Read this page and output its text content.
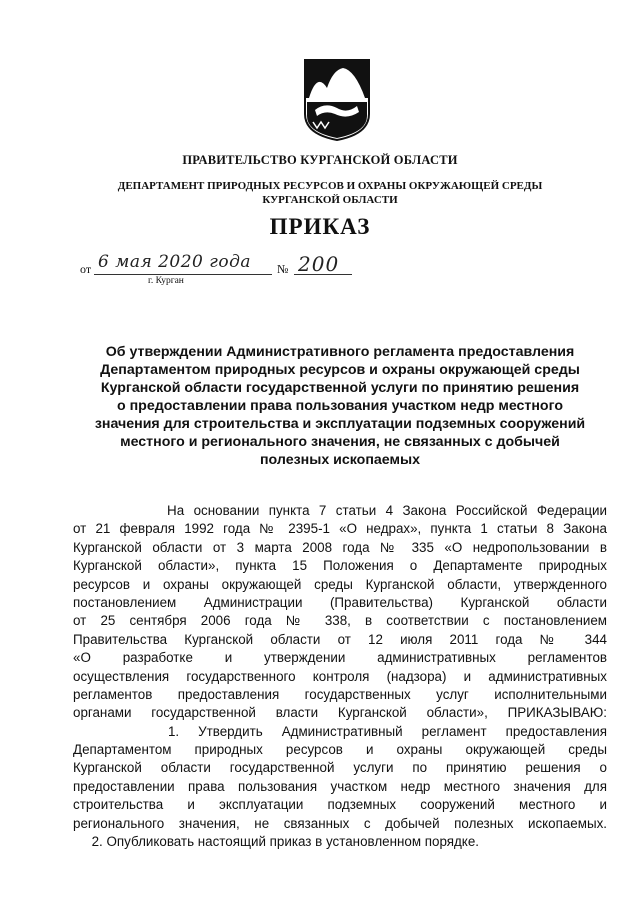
ПРАВИТЕЛЬСТВО КУРГАНСКОЙ ОБЛАСТИ
ДЕПАРТАМЕНТ ПРИРОДНЫХ РЕСУРСОВ И ОХРАНЫ ОКРУЖАЮЩЕЙ СРЕДЫ
КУРГАНСКОЙ ОБЛАСТИ
ПРИКАЗ
от 6 мая 2020 года № 200
г. Курган
Об утверждении Административного регламента предоставления
Департаментом природных ресурсов и охраны окружающей среды
Курганской области государственной услуги по принятию решения
о предоставлении права пользования участком недр местного
значения для строительства и эксплуатации подземных сооружений
местного и регионального значения, не связанных с добычей
полезных ископаемых
На основании пункта 7 статьи 4 Закона Российской Федерации
от 21 февраля 1992 года № 2395-1 «О недрах», пункта 1 статьи 8 Закона
Курганской области от 3 марта 2008 года № 335 «О недропользовании в
Курганской области», пункта 15 Положения о Департаменте природных
ресурсов и охраны окружающей среды Курганской области, утвержденного
постановлением Администрации (Правительства) Курганской области
от 25 сентября 2006 года № 338, в соответствии с постановлением
Правительства Курганской области от 12 июля 2011 года № 344
«О разработке и утверждении административных регламентов
осуществления государственного контроля (надзора) и административных
регламентов предоставления государственных услуг исполнительными
органами государственной власти Курганской области», ПРИКАЗЫВАЮ:
1. Утвердить Административный регламент предоставления
Департаментом природных ресурсов и охраны окружающей среды
Курганской области государственной услуги по принятию решения о
предоставлении права пользования участком недр местного значения для
строительства и эксплуатации подземных сооружений местного и
регионального значения, не связанных с добычей полезных ископаемых.
2. Опубликовать настоящий приказ в установленном порядке.
